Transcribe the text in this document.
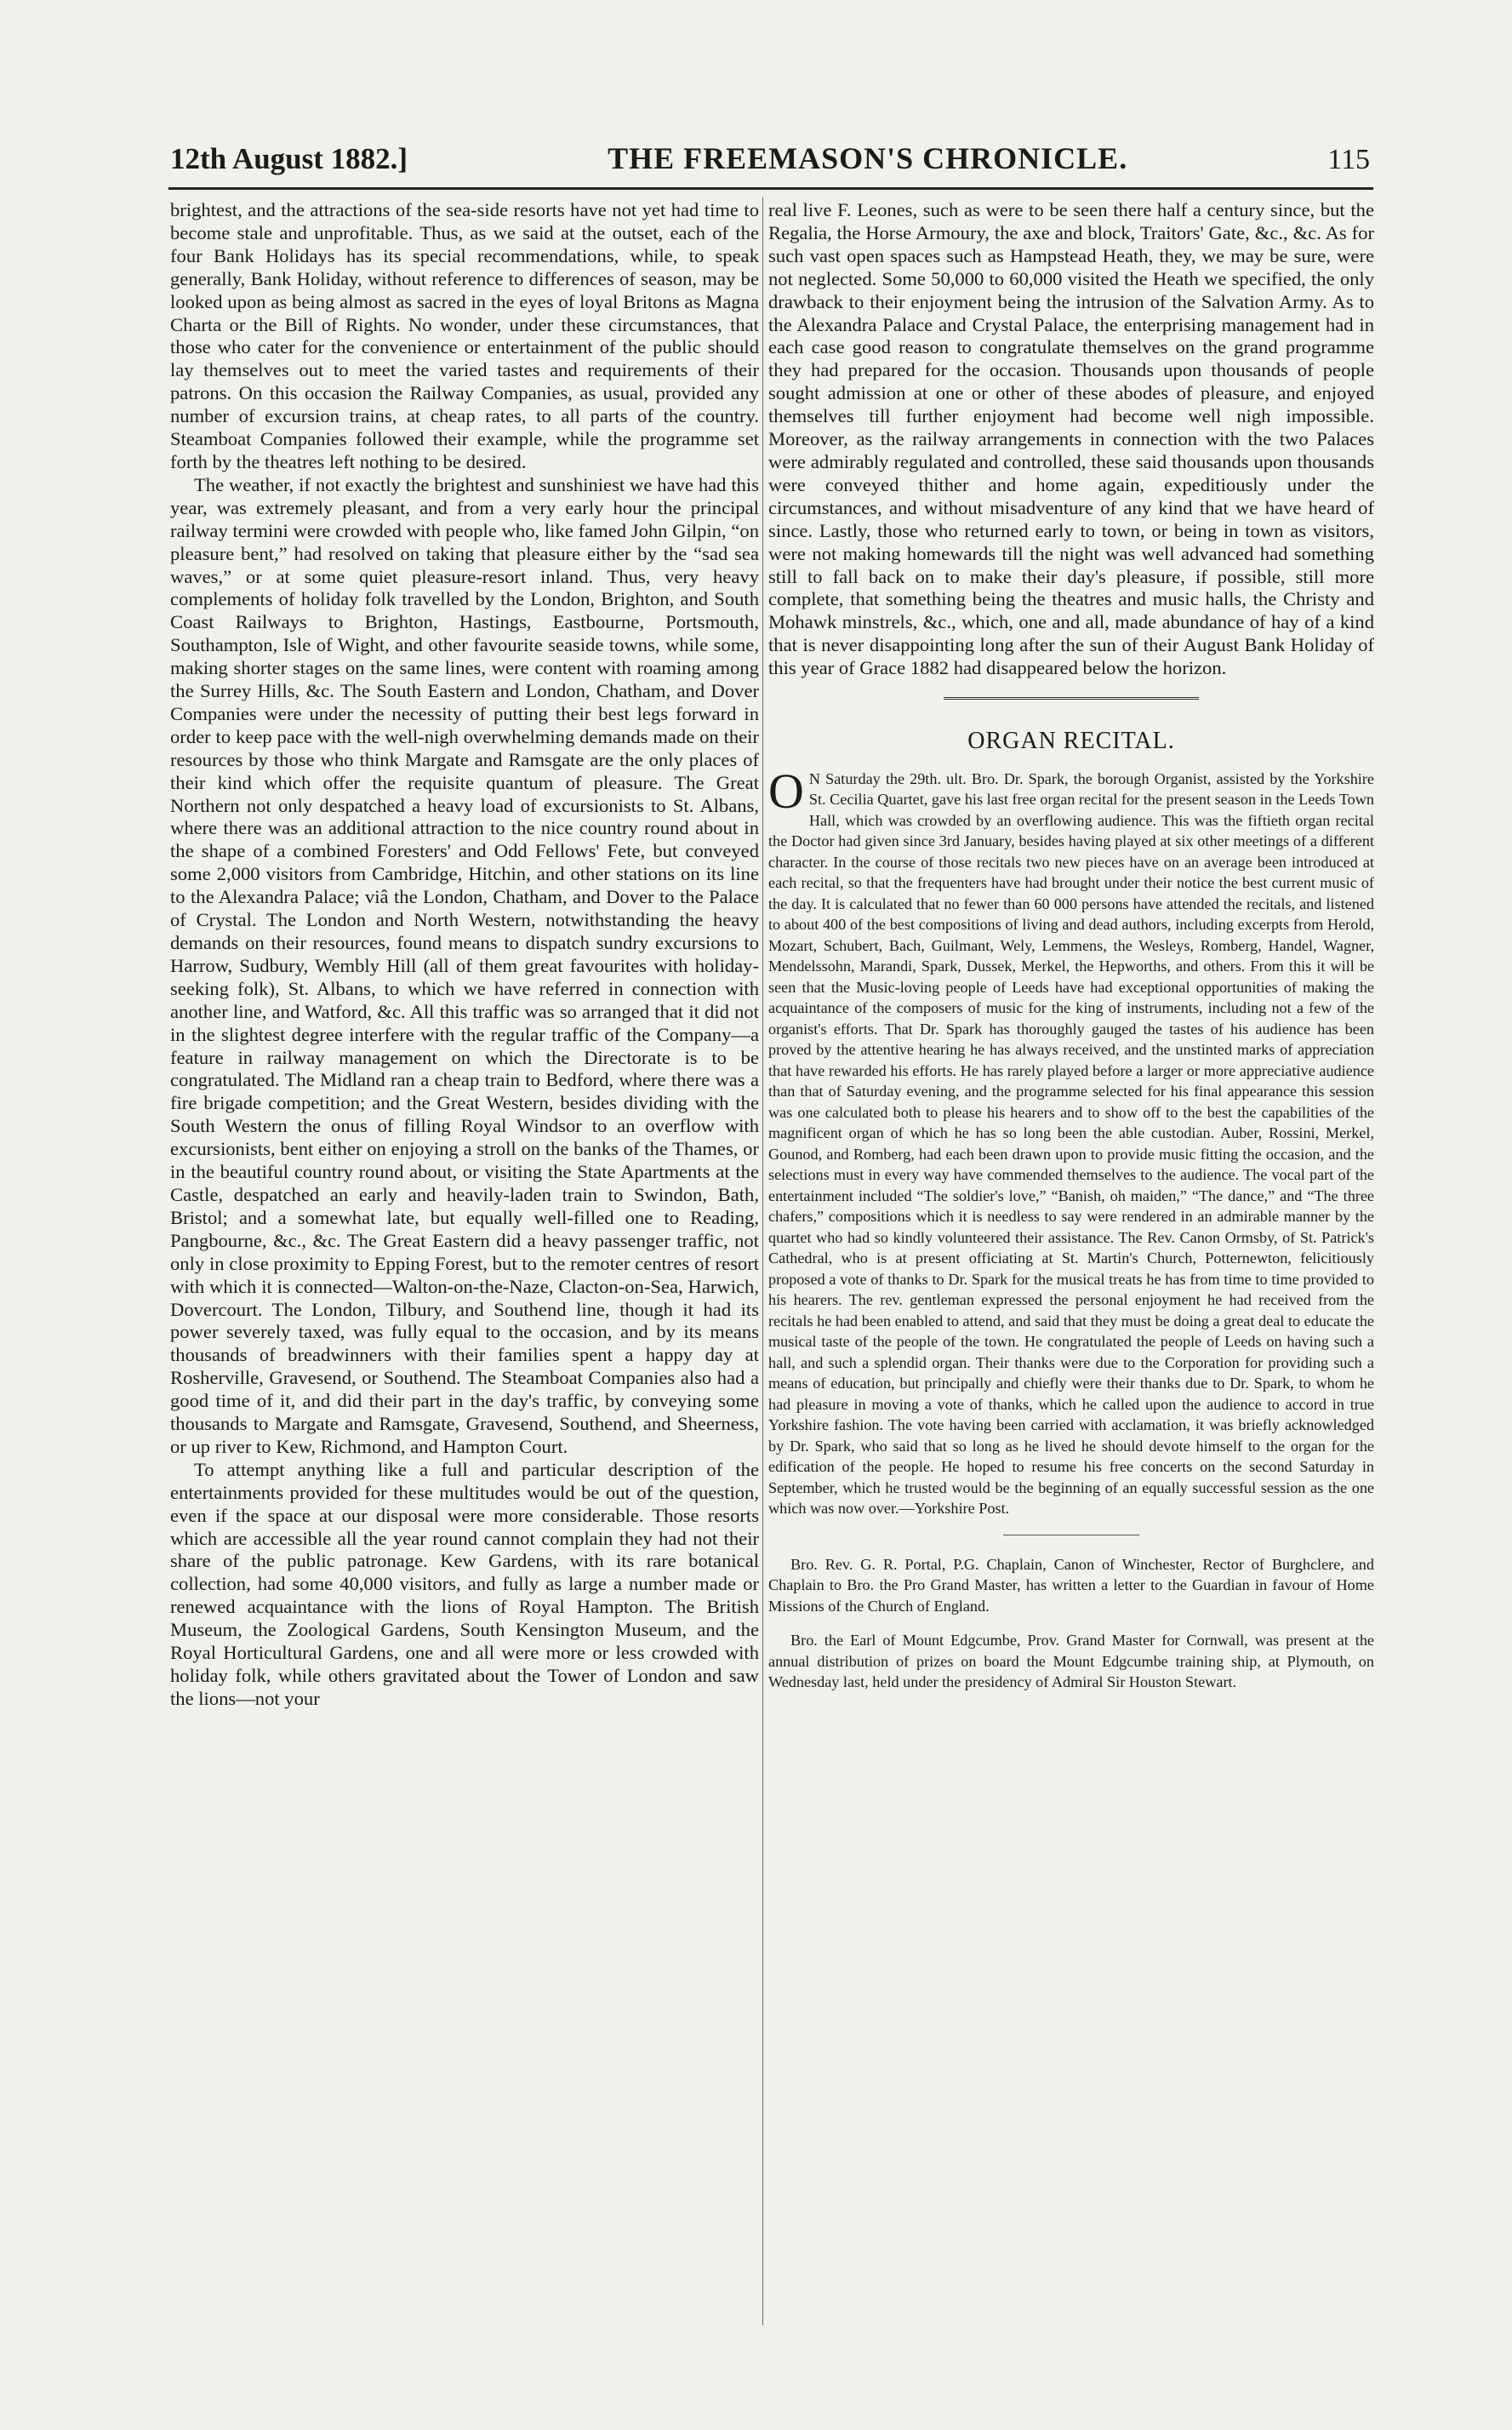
12th August 1882.]	THE FREEMASON'S CHRONICLE.	115

brightest, and the attractions of the sea-side resorts have not yet had time to become stale and unprofitable. Thus, as we said at the outset, each of the four Bank Holidays has its special recommendations, while, to speak generally, Bank Holiday, without reference to differences of season, may be looked upon as being almost as sacred in the eyes of loyal Britons as Magna Charta or the Bill of Rights. No wonder, under these circumstances, that those who cater for the convenience or entertainment of the public should lay themselves out to meet the varied tastes and requirements of their patrons. On this occasion the Railway Companies, as usual, provided any number of excursion trains, at cheap rates, to all parts of the country. Steamboat Companies followed their example, while the programme set forth by the theatres left nothing to be desired.

The weather, if not exactly the brightest and sunshiniest we have had this year, was extremely pleasant, and from a very early hour the principal railway termini were crowded with people who, like famed John Gilpin, “on pleasure bent,” had resolved on taking that pleasure either by the “sad sea waves,” or at some quiet pleasure-resort inland. Thus, very heavy complements of holiday folk travelled by the London, Brighton, and South Coast Railways to Brighton, Hastings, Eastbourne, Portsmouth, Southampton, Isle of Wight, and other favourite seaside towns, while some, making shorter stages on the same lines, were content with roaming among the Surrey Hills, &c. The South Eastern and London, Chatham, and Dover Companies were under the necessity of putting their best legs forward in order to keep pace with the well-nigh overwhelming demands made on their resources by those who think Margate and Ramsgate are the only places of their kind which offer the requisite quantum of pleasure. The Great Northern not only despatched a heavy load of excursionists to St. Albans, where there was an additional attraction to the nice country round about in the shape of a combined Foresters' and Odd Fellows' Fete, but conveyed some 2,000 visitors from Cambridge, Hitchin, and other stations on its line to the Alexandra Palace; viâ the London, Chatham, and Dover to the Palace of Crystal. The London and North Western, notwithstanding the heavy demands on their resources, found means to dispatch sundry excursions to Harrow, Sudbury, Wembly Hill (all of them great favourites with holiday-seeking folk), St. Albans, to which we have referred in connection with another line, and Watford, &c. All this traffic was so arranged that it did not in the slightest degree interfere with the regular traffic of the Company—a feature in railway management on which the Directorate is to be congratulated. The Midland ran a cheap train to Bedford, where there was a fire brigade competition; and the Great Western, besides dividing with the South Western the onus of filling Royal Windsor to an overflow with excursionists, bent either on enjoying a stroll on the banks of the Thames, or in the beautiful country round about, or visiting the State Apartments at the Castle, despatched an early and heavily-laden train to Swindon, Bath, Bristol; and a somewhat late, but equally well-filled one to Reading, Pangbourne, &c., &c. The Great Eastern did a heavy passenger traffic, not only in close proximity to Epping Forest, but to the remoter centres of resort with which it is connected—Walton-on-the-Naze, Clacton-on-Sea, Harwich, Dovercourt. The London, Tilbury, and Southend line, though it had its power severely taxed, was fully equal to the occasion, and by its means thousands of breadwinners with their families spent a happy day at Rosherville, Gravesend, or Southend. The Steamboat Companies also had a good time of it, and did their part in the day's traffic, by conveying some thousands to Margate and Ramsgate, Gravesend, Southend, and Sheerness, or up river to Kew, Richmond, and Hampton Court.

To attempt anything like a full and particular description of the entertainments provided for these multitudes would be out of the question, even if the space at our disposal were more considerable. Those resorts which are accessible all the year round cannot complain they had not their share of the public patronage. Kew Gardens, with its rare botanical collection, had some 40,000 visitors, and fully as large a number made or renewed acquaintance with the lions of Royal Hampton. The British Museum, the Zoological Gardens, South Kensington Museum, and the Royal Horticultural Gardens, one and all were more or less crowded with holiday folk, while others gravitated about the Tower of London and saw the lions—not your

real live F. Leones, such as were to be seen there half a century since, but the Regalia, the Horse Armoury, the axe and block, Traitors' Gate, &c., &c. As for such vast open spaces such as Hampstead Heath, they, we may be sure, were not neglected. Some 50,000 to 60,000 visited the Heath we specified, the only drawback to their enjoyment being the intrusion of the Salvation Army. As to the Alexandra Palace and Crystal Palace, the enterprising management had in each case good reason to congratulate themselves on the grand programme they had prepared for the occasion. Thousands upon thousands of people sought admission at one or other of these abodes of pleasure, and enjoyed themselves till further enjoyment had become well nigh impossible. Moreover, as the railway arrangements in connection with the two Palaces were admirably regulated and controlled, these said thousands upon thousands were conveyed thither and home again, expeditiously under the circumstances, and without misadventure of any kind that we have heard of since. Lastly, those who returned early to town, or being in town as visitors, were not making homewards till the night was well advanced had something still to fall back on to make their day's pleasure, if possible, still more complete, that something being the theatres and music halls, the Christy and Mohawk minstrels, &c., which, one and all, made abundance of hay of a kind that is never disappointing long after the sun of their August Bank Holiday of this year of Grace 1882 had disappeared below the horizon.

ORGAN RECITAL.

O N Saturday the 29th. ult. Bro. Dr. Spark, the borough Organist, assisted by the Yorkshire St. Cecilia Quartet, gave his last free organ recital for the present season in the Leeds Town Hall, which was crowded by an overflowing audience. This was the fiftieth organ recital the Doctor had given since 3rd January, besides having played at six other meetings of a different character. In the course of those recitals two new pieces have on an average been introduced at each recital, so that the frequenters have had brought under their notice the best current music of the day. It is calculated that no fewer than 60 000 persons have attended the recitals, and listened to about 400 of the best compositions of living and dead authors, including excerpts from Herold, Mozart, Schubert, Bach, Guilmant, Wely, Lemmens, the Wesleys, Romberg, Handel, Wagner, Mendelssohn, Marandi, Spark, Dussek, Merkel, the Hepworths, and others. From this it will be seen that the Music-loving people of Leeds have had exceptional opportunities of making the acquaintance of the composers of music for the king of instruments, including not a few of the organist's efforts. That Dr. Spark has thoroughly gauged the tastes of his audience has been proved by the attentive hearing he has always received, and the unstinted marks of appreciation that have rewarded his efforts. He has rarely played before a larger or more appreciative audience than that of Saturday evening, and the programme selected for his final appearance this session was one calculated both to please his hearers and to show off to the best the capabilities of the magnificent organ of which he has so long been the able custodian. Auber, Rossini, Merkel, Gounod, and Romberg, had each been drawn upon to provide music fitting the occasion, and the selections must in every way have commended themselves to the audience. The vocal part of the entertainment included “The soldier's love,” “Banish, oh maiden,” “The dance,” and “The three chafers,” compositions which it is needless to say were rendered in an admirable manner by the quartet who had so kindly volunteered their assistance. The Rev. Canon Ormsby, of St. Patrick's Cathedral, who is at present officiating at St. Martin's Church, Potternewton, felicitiously proposed a vote of thanks to Dr. Spark for the musical treats he has from time to time provided to his hearers. The rev. gentleman expressed the personal enjoyment he had received from the recitals he had been enabled to attend, and said that they must be doing a great deal to educate the musical taste of the people of the town. He congratulated the people of Leeds on having such a hall, and such a splendid organ. Their thanks were due to the Corporation for providing such a means of education, but principally and chiefly were their thanks due to Dr. Spark, to whom he had pleasure in moving a vote of thanks, which he called upon the audience to accord in true Yorkshire fashion. The vote having been carried with acclamation, it was briefly acknowledged by Dr. Spark, who said that so long as he lived he should devote himself to the organ for the edification of the people. He hoped to resume his free concerts on the second Saturday in September, which he trusted would be the beginning of an equally successful session as the one which was now over.—Yorkshire Post.

Bro. Rev. G. R. Portal, P.G. Chaplain, Canon of Winchester, Rector of Burghclere, and Chaplain to Bro. the Pro Grand Master, has written a letter to the Guardian in favour of Home Missions of the Church of England.

Bro. the Earl of Mount Edgcumbe, Prov. Grand Master for Cornwall, was present at the annual distribution of prizes on board the Mount Edgcumbe training ship, at Plymouth, on Wednesday last, held under the presidency of Admiral Sir Houston Stewart.
